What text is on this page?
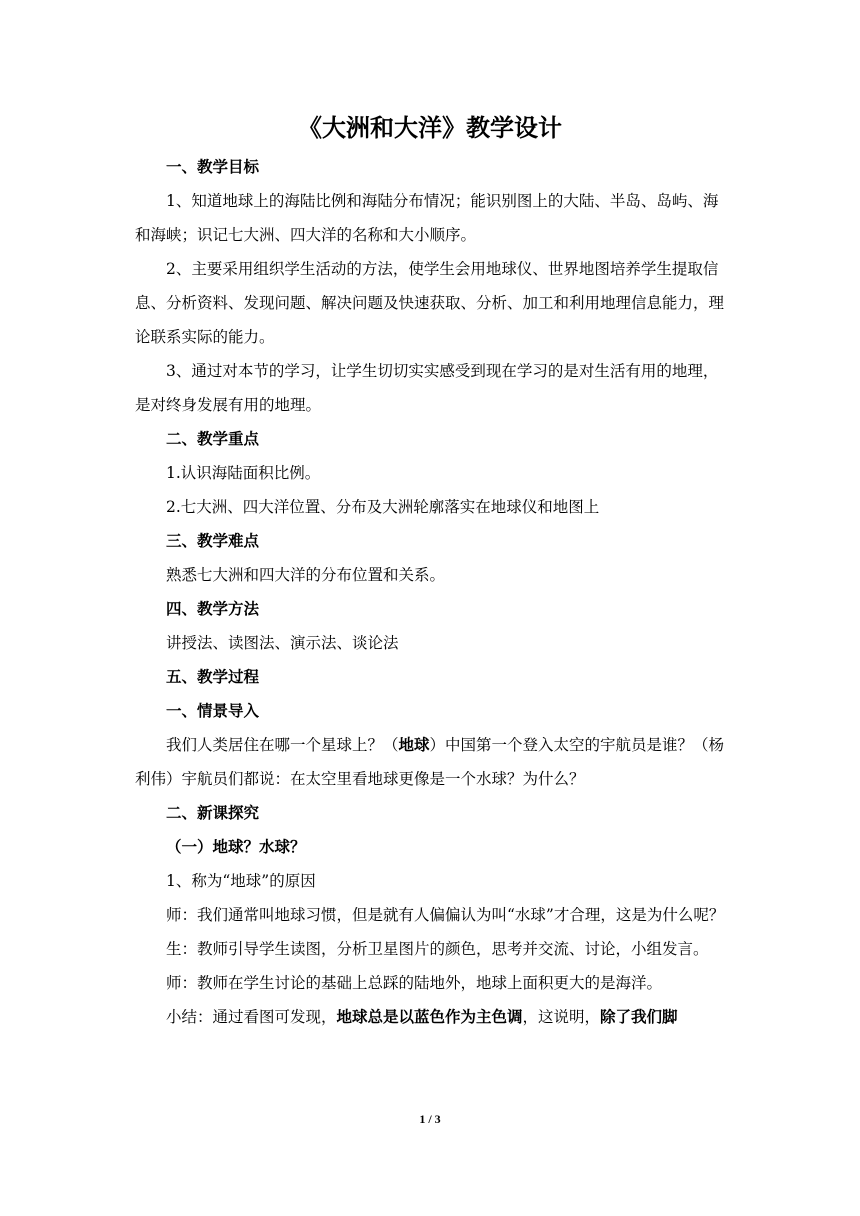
《大洲和大洋》教学设计

一、教学目标

1、知道地球上的海陆比例和海陆分布情况；能识别图上的大陆、半岛、岛屿、海和海峡；识记七大洲、四大洋的名称和大小顺序。

2、主要采用组织学生活动的方法，使学生会用地球仪、世界地图培养学生提取信息、分析资料、发现问题、解决问题及快速获取、分析、加工和利用地理信息能力，理论联系实际的能力。

3、通过对本节的学习，让学生切切实实感受到现在学习的是对生活有用的地理，是对终身发展有用的地理。

二、教学重点

1.认识海陆面积比例。

2.七大洲、四大洋位置、分布及大洲轮廓落实在地球仪和地图上

三、教学难点

熟悉七大洲和四大洋的分布位置和关系。

四、教学方法

讲授法、读图法、演示法、谈论法

五、教学过程

一、情景导入

我们人类居住在哪一个星球上？（地球）中国第一个登入太空的宇航员是谁？（杨利伟）宇航员们都说：在太空里看地球更像是一个水球？为什么？

二、新课探究

（一）地球？水球？

1、称为“地球”的原因

师：我们通常叫地球习惯，但是就有人偏偏认为叫“水球”才合理，这是为什么呢？

生：教师引导学生读图，分析卫星图片的颜色，思考并交流、讨论，小组发言。

师：教师在学生讨论的基础上总踩的陆地外，地球上面积更大的是海洋。

小结：通过看图可发现，地球总是以蓝色作为主色调，这说明，除了我们脚

1 / 3
